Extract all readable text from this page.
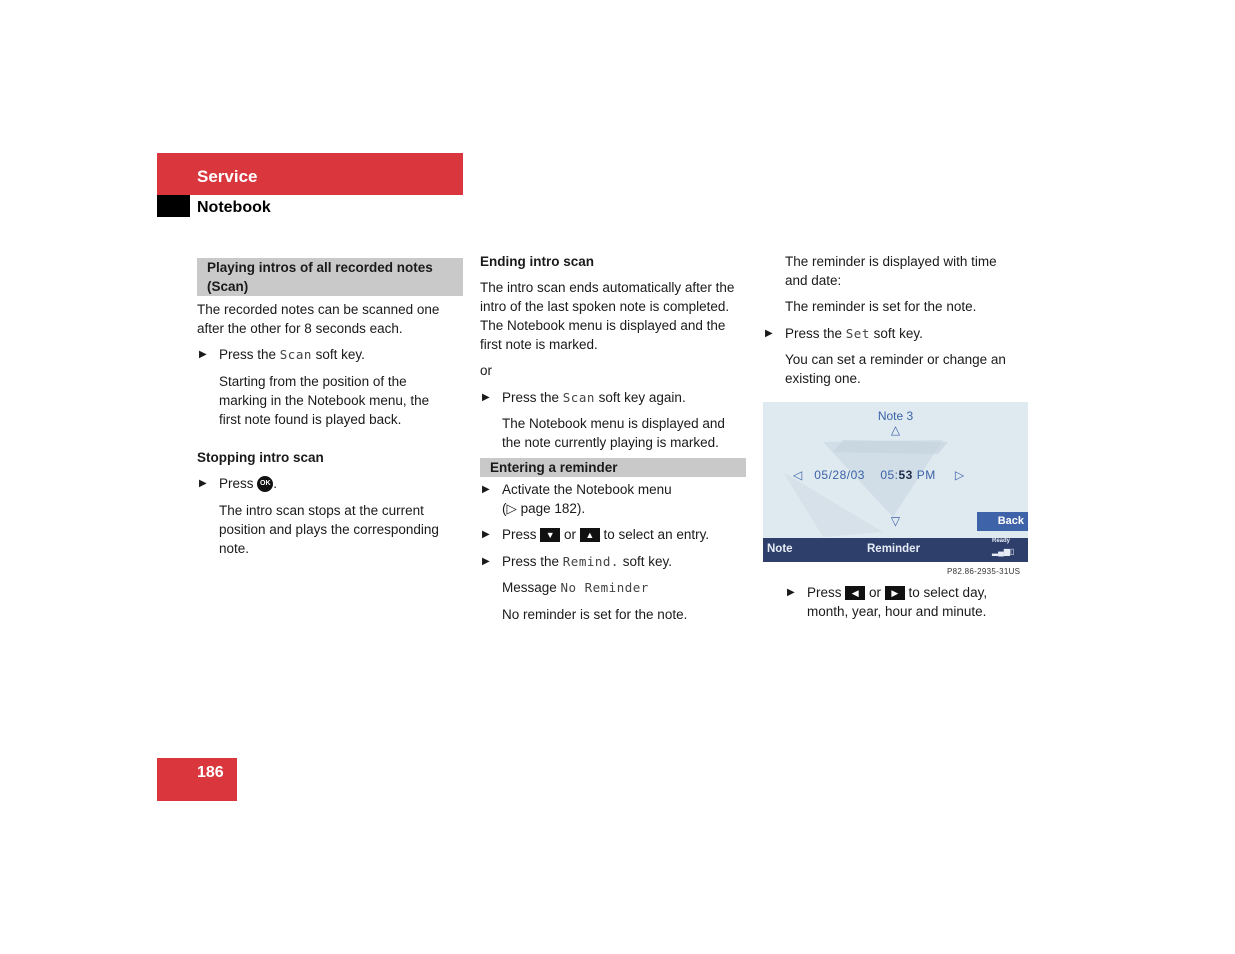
Service
Notebook

Playing intros of all recorded notes

(Scan)

The recorded notes can be scanned one

after the other for 8 seconds each.

▶ Press the Scan soft key.

Starting from the position of the

marking in the Notebook menu, the

first note found is played back.

Stopping intro scan

▶ Press OK .

The intro scan stops at the current

position and plays the corresponding

note.

Ending intro scan

The intro scan ends automatically after the

intro of the last spoken note is completed.

The Notebook menu is displayed and the

first note is marked.

or

▶ Press the Scan soft key again.

The Notebook menu is displayed and

the note currently playing is marked.

Entering a reminder

▶ Activate the Notebook menu

(▷ page 182).

▶ Press ▼ or ▲ to select an entry.

▶ Press the Remind. soft key.

Message No Reminder

No reminder is set for the note.

The reminder is displayed with time

and date:

The reminder is set for the note.

▶ Press the Set soft key.

You can set a reminder or change an

existing one.

Note 3
△
◁ 05/28/03 05:53 PM ▷
▽	Back
Note	Reminder
Ready
▂▄▆▯
P82.86-2935-31US

▶ Press ◀ or ▶ to select day,

month, year, hour and minute.

186
